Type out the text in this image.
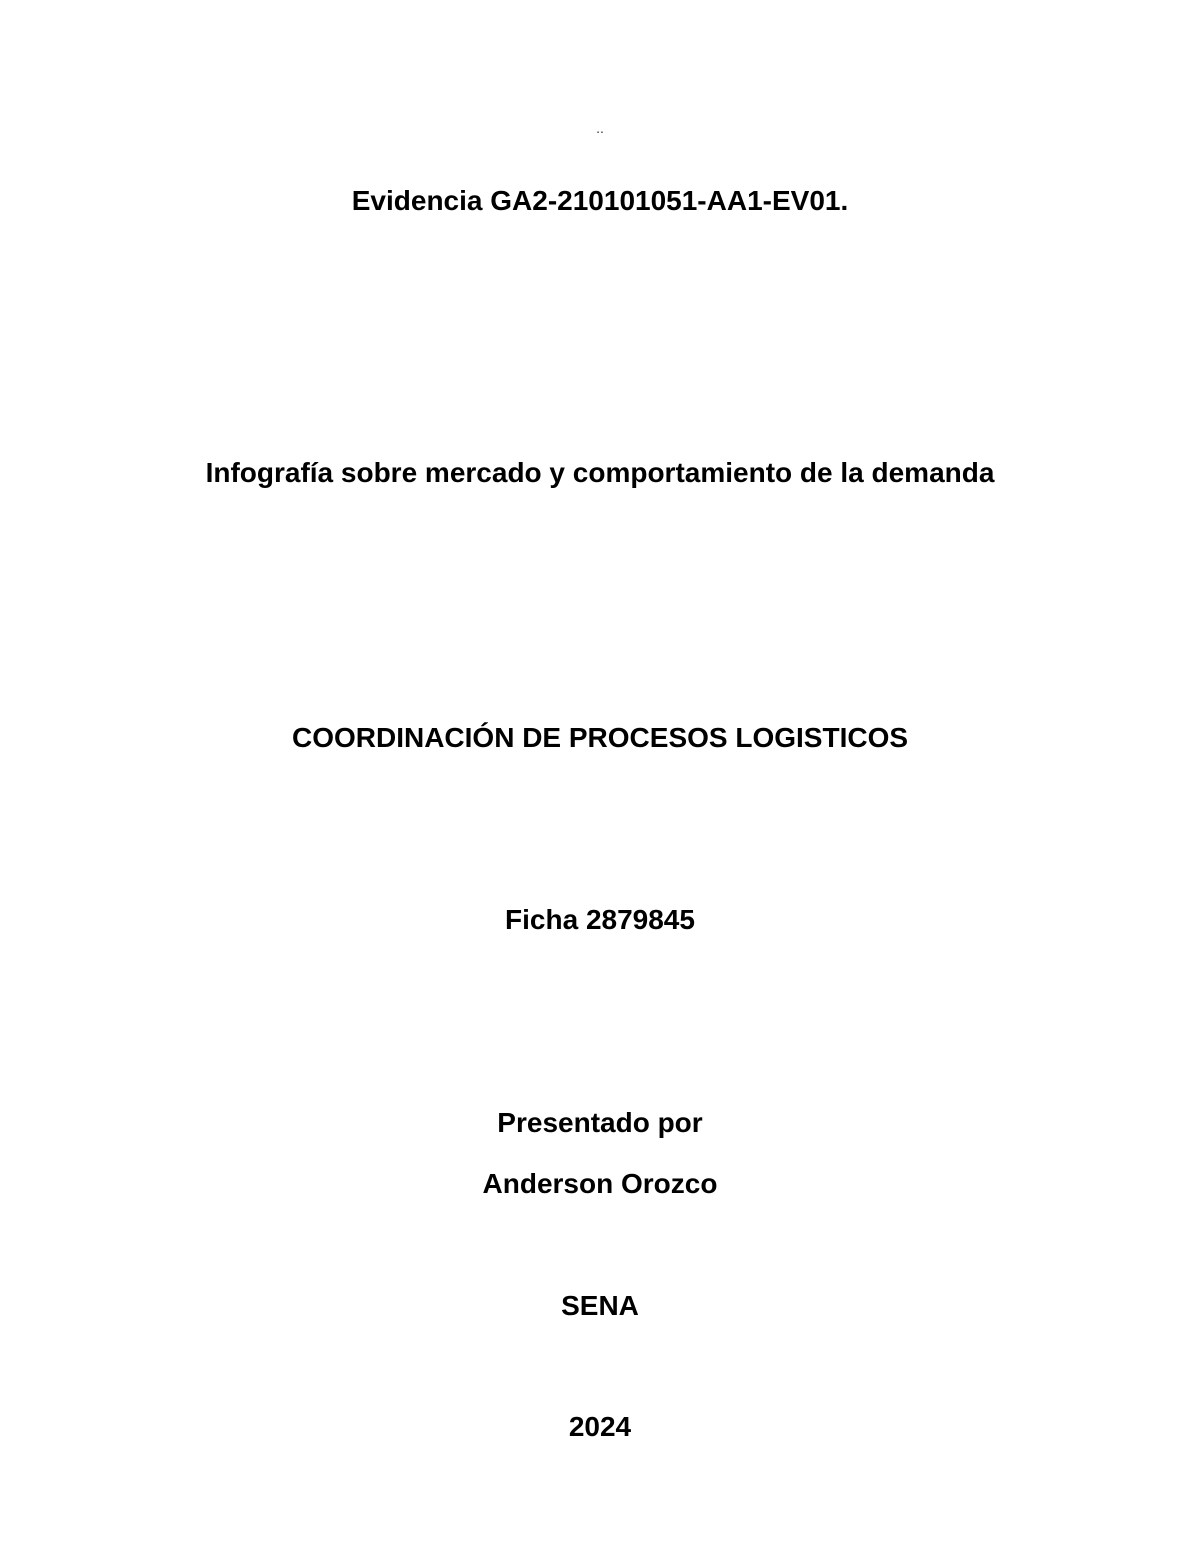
..
Evidencia GA2-210101051-AA1-EV01.
Infografía sobre mercado y comportamiento de la demanda
COORDINACIÓN DE PROCESOS LOGISTICOS
Ficha 2879845
Presentado por
Anderson Orozco
SENA
2024
